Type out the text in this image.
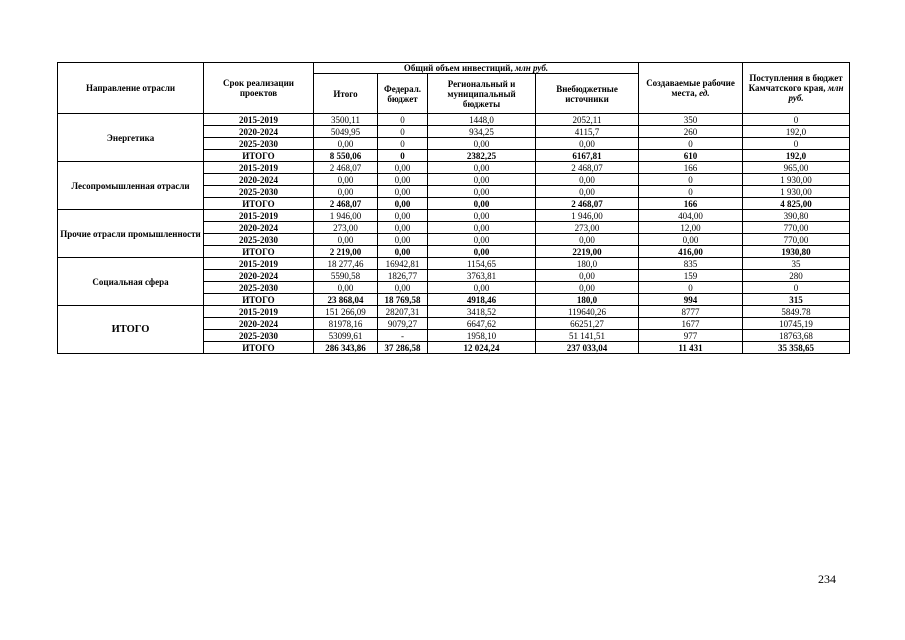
Направление отрасли	Срок реализации проектов	Общий объем инвестиций, млн руб.				Создаваемые рабочие места, ед.	Поступления в бюджет Камчатского края, млн руб.
		Итого	Федерал. бюджет	Региональный и муниципальный бюджеты	Внебюджетные источники		
Энергетика	2015-2019	3500,11	0	1448,0	2052,11	350	0
	2020-2024	5049,95	0	934,25	4115,7	260	192,0
	2025-2030	0,00	0	0,00	0,00	0	0
	ИТОГО	8 550,06	0	2382,25	6167,81	610	192,0
Лесопромышленная отрасли	2015-2019	2 468,07	0,00	0,00	2 468,07	166	965,00
	2020-2024	0,00	0,00	0,00	0,00	0	1 930,00
	2025-2030	0,00	0,00	0,00	0,00	0	1 930,00
	ИТОГО	2 468,07	0,00	0,00	2 468,07	166	4 825,00
Прочие отрасли промышленности	2015-2019	1 946,00	0,00	0,00	1 946,00	404,00	390,80
	2020-2024	273,00	0,00	0,00	273,00	12,00	770,00
	2025-2030	0,00	0,00	0,00	0,00	0,00	770,00
	ИТОГО	2 219,00	0,00	0,00	2219,00	416,00	1930,80
Социальная сфера	2015-2019	18 277,46	16942,81	1154,65	180,0	835	35
	2020-2024	5590,58	1826,77	3763,81	0,00	159	280
	2025-2030	0,00	0,00	0,00	0,00	0	0
	ИТОГО	23 868,04	18 769,58	4918,46	180,0	994	315
ИТОГО	2015-2019	151 266,09	28207,31	3418,52	119640,26	8777	5849.78
	2020-2024	81978,16	9079,27	6647,62	66251,27	1677	10745,19
	2025-2030	53099,61	-	1958,10	51 141,51	977	18763,68
	ИТОГО	286 343,86	37 286,58	12 024,24	237 033,04	11 431	35 358,65
234
